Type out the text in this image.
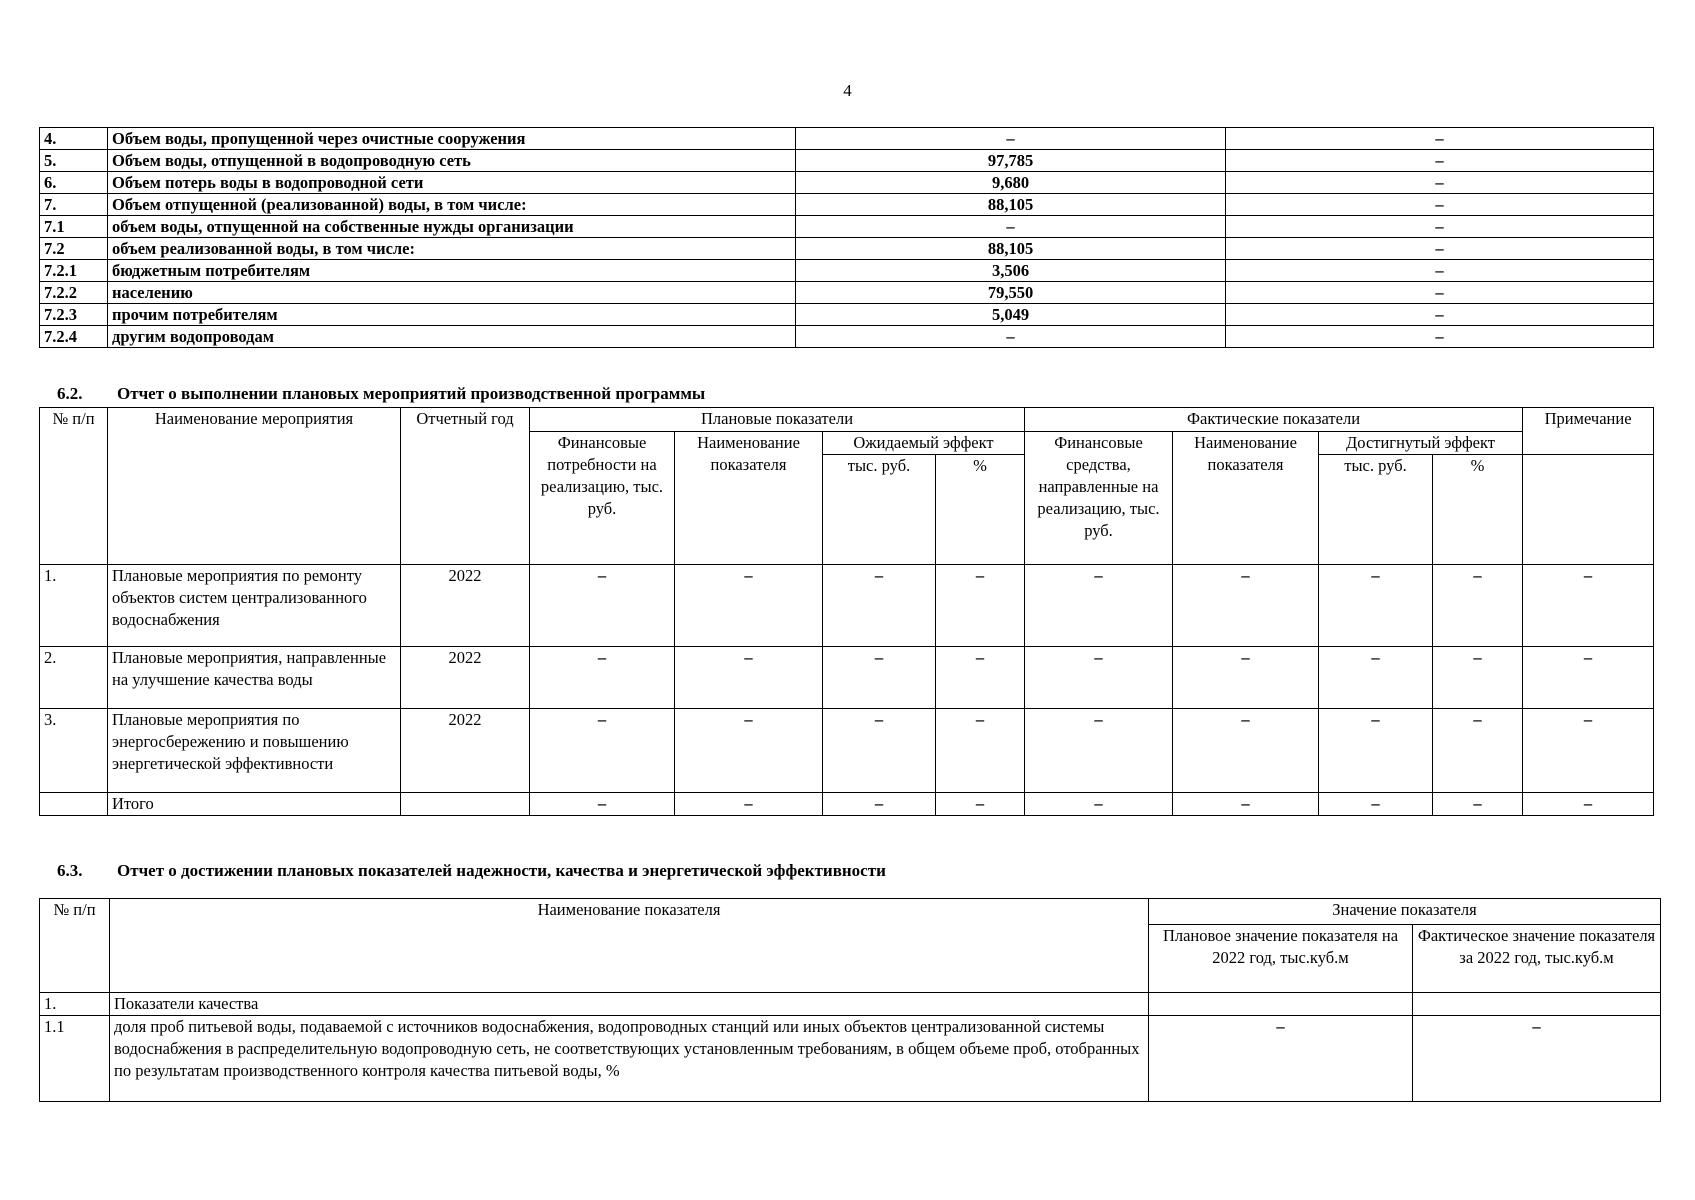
4
4.	Объем воды, пропущенной через очистные сооружения	–	–
5.	Объем воды, отпущенной в водопроводную сеть	97,785	–
6.	Объем потерь воды в водопроводной сети	9,680	–
7.	Объем отпущенной (реализованной) воды, в том числе:	88,105	–
7.1	объем воды, отпущенной на собственные нужды организации	–	–
7.2	объем реализованной воды, в том числе:	88,105	–
7.2.1	бюджетным потребителям	3,506	–
7.2.2	населению	79,550	–
7.2.3	прочим потребителям	5,049	–
7.2.4	другим водопроводам	–	–
6.2. Отчет о выполнении плановых мероприятий производственной программы
№ п/п	Наименование мероприятия	Отчетный год	Плановые показатели				Фактические показатели				Примечание
			Финансовые потребности на реализацию, тыс. руб.	Наименование показателя	Ожидаемый эффект		Финансовые средства, направленные на реализацию, тыс. руб.	Наименование показателя	Достигнутый эффект		
					тыс. руб.	%			тыс. руб.	%	
1.	Плановые мероприятия по ремонту объектов систем централизованного водоснабжения	2022	–	–	–	–	–	–	–	–	–
2.	Плановые мероприятия, направленные на улучшение качества воды	2022	–	–	–	–	–	–	–	–	–
3.	Плановые мероприятия по энергосбережению и повышению энергетической эффективности	2022	–	–	–	–	–	–	–	–	–
	Итого		–	–	–	–	–	–	–	–	–
6.3. Отчет о достижении плановых показателей надежности, качества и энергетической эффективности
№ п/п	Наименование показателя	Значение показателя	
		Плановое значение показателя на 2022 год, тыс.куб.м	Фактическое значение показателя за 2022 год, тыс.куб.м
1.	Показатели качества		
1.1	доля проб питьевой воды, подаваемой с источников водоснабжения, водопроводных станций или иных объектов централизованной системы водоснабжения в распределительную водопроводную сеть, не соответствующих установленным требованиям, в общем объеме проб, отобранных по результатам производственного контроля качества питьевой воды, %	–	–
